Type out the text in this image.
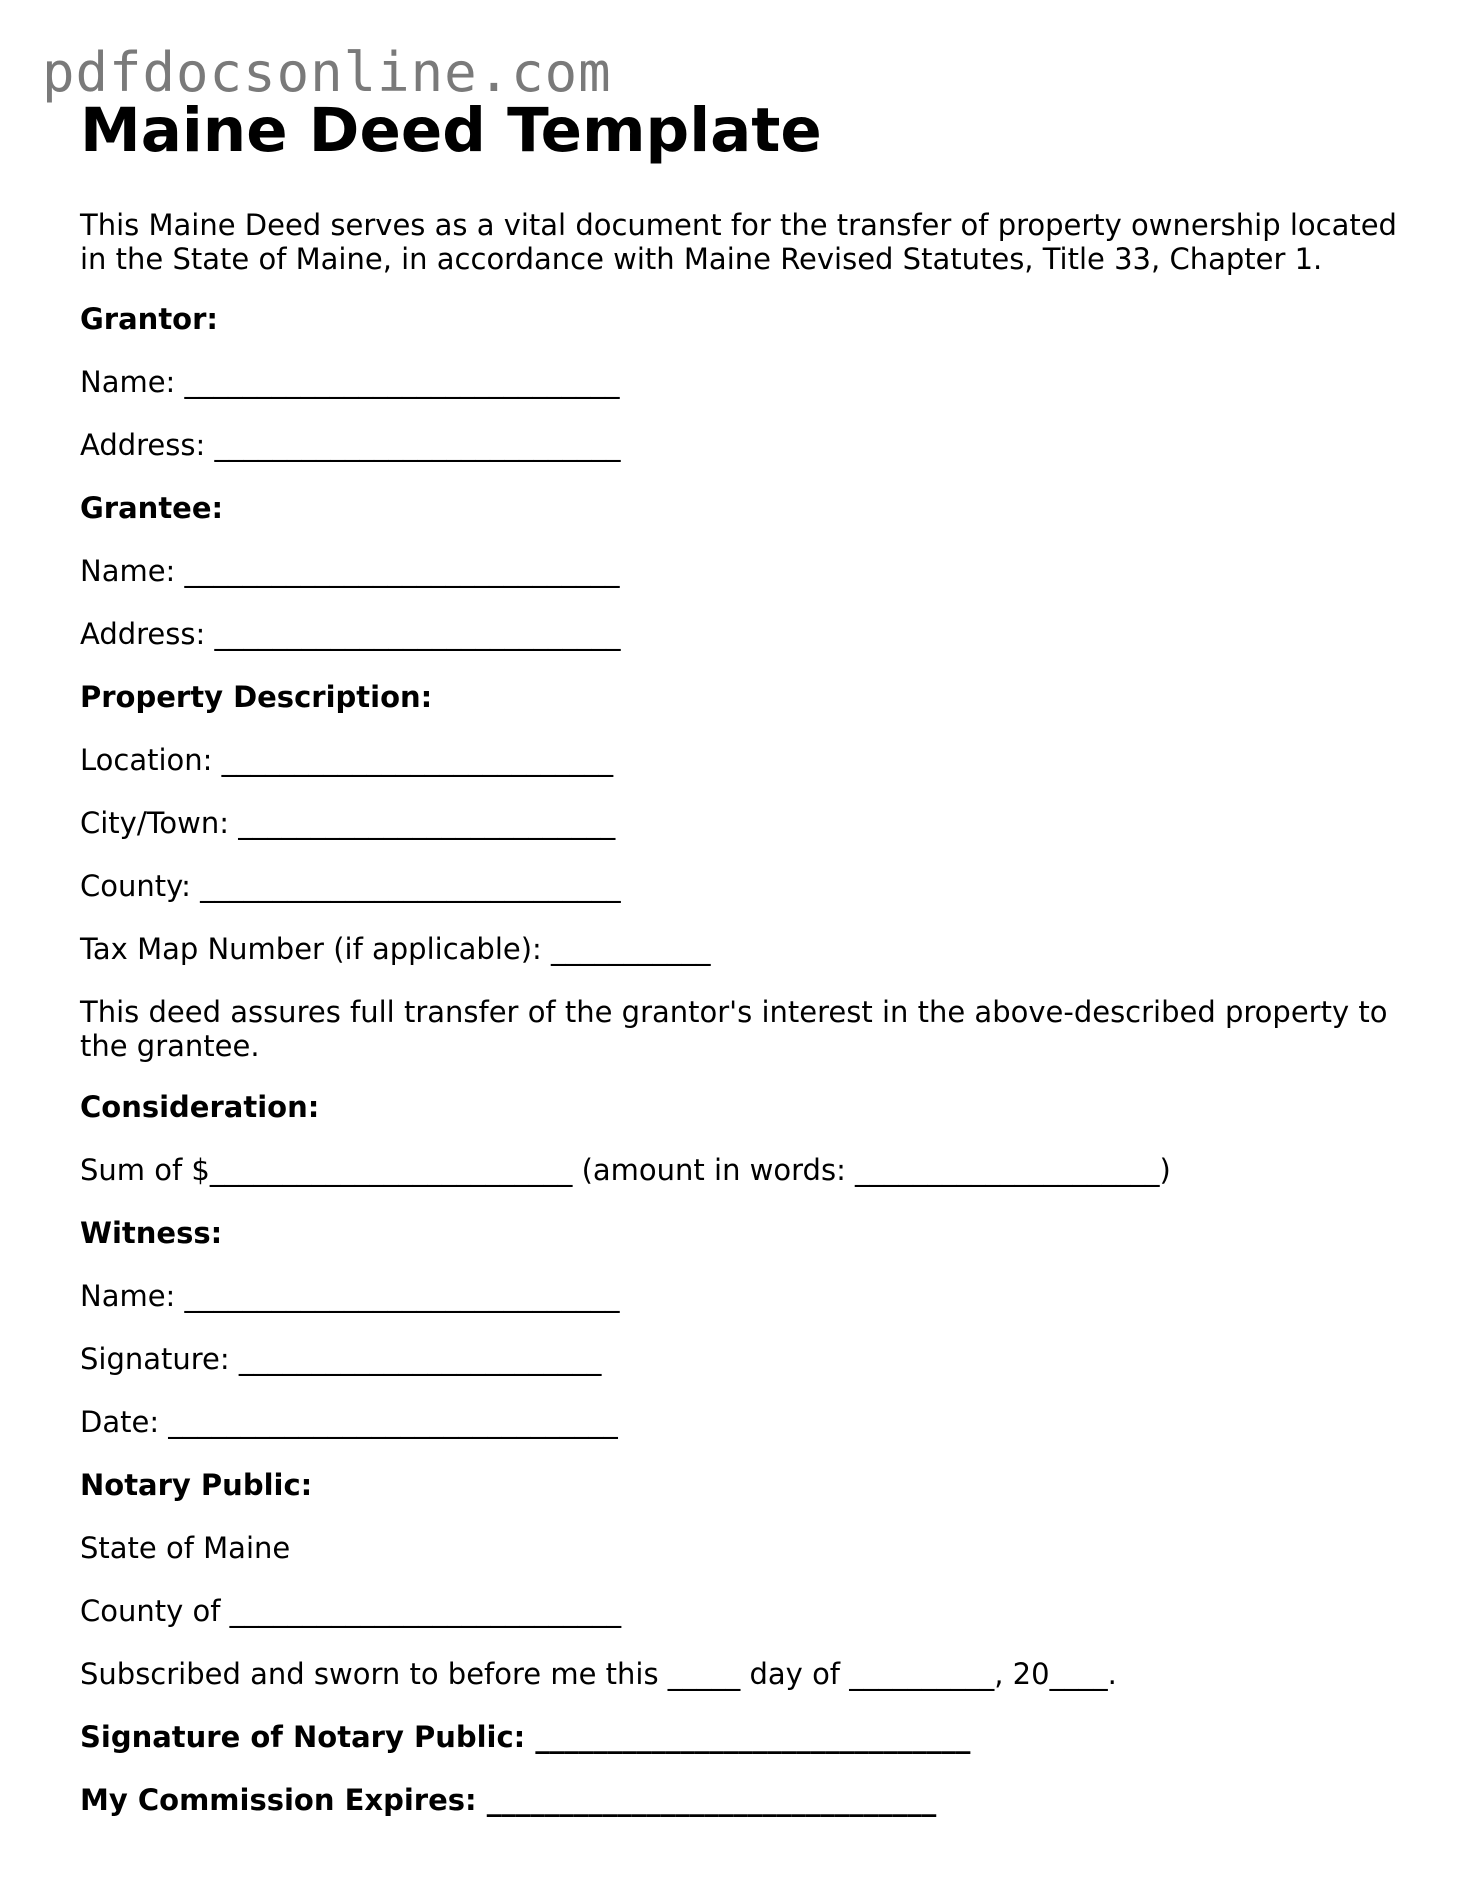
pdfdocsonline.com
Maine Deed Template

This Maine Deed serves as a vital document for the transfer of property ownership located in the State of Maine, in accordance with Maine Revised Statutes, Title 33, Chapter 1.

Grantor:
Name: ______________________________
Address: ____________________________
Grantee:
Name: ______________________________
Address: ____________________________
Property Description:
Location: ___________________________
City/Town: __________________________
County: _____________________________
Tax Map Number (if applicable): ___________

This deed assures full transfer of the grantor's interest in the above-described property to the grantee.

Consideration:
Sum of $_________________________ (amount in words: _____________________)
Witness:
Name: ______________________________
Signature: _________________________
Date: _______________________________
Notary Public:
State of Maine
County of ___________________________
Subscribed and sworn to before me this _____ day of __________, 20____.
Signature of Notary Public: ______________________________
My Commission Expires: _______________________________
